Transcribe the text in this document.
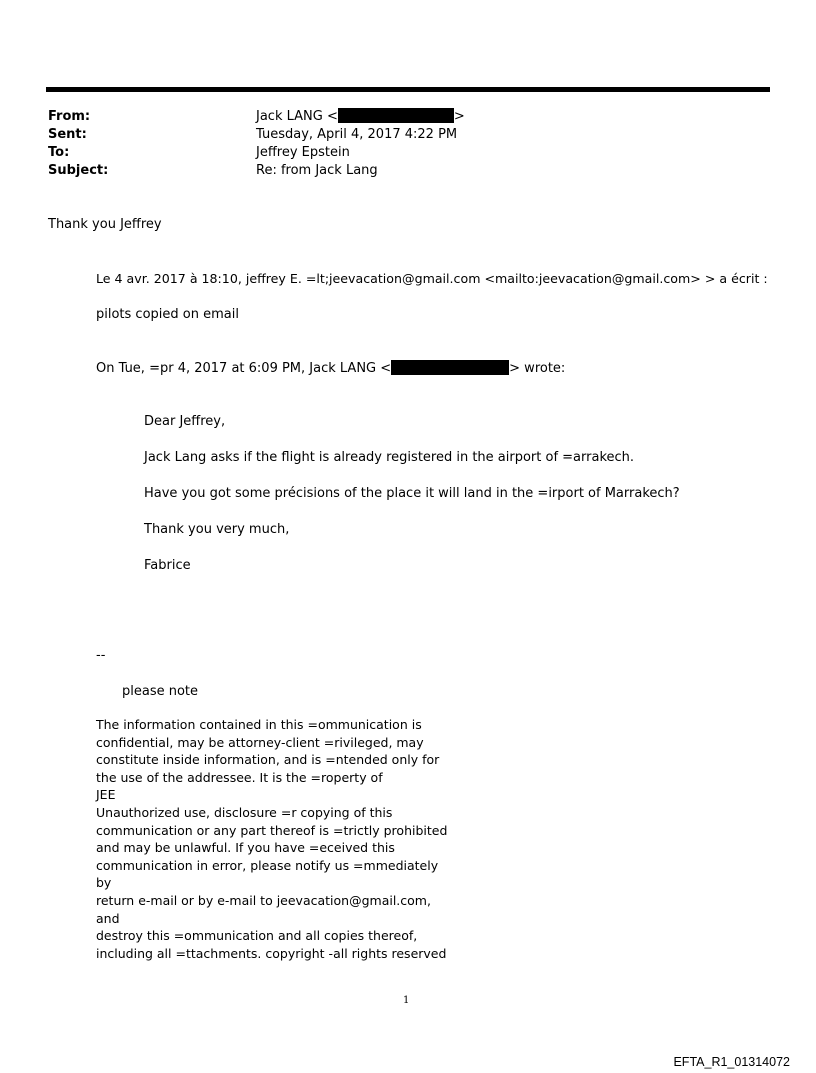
From:	Jack LANG <	>
Sent:	Tuesday, April 4, 2017 4:22 PM
To:	Jeffrey Epstein
Subject:	Re: from Jack Lang
Thank you Jeffrey
Le 4 avr. 2017 à 18:10, jeffrey E. =lt;jeevacation@gmail.com <mailto:jeevacation@gmail.com> > a écrit :
pilots copied on email
On Tue, =pr 4, 2017 at 6:09 PM, Jack LANG <	> wrote:
Dear Jeffrey,
Jack Lang asks if the flight is already registered in the airport of =arrakech.
Have you got some précisions of the place it will land in the =irport of Marrakech?
Thank you very much,
Fabrice
--
please note
The information contained in this =ommunication is
confidential, may be attorney-client =rivileged, may
constitute inside information, and is =ntended only for
the use of the addressee. It is the =roperty of
JEE
Unauthorized use, disclosure =r copying of this
communication or any part thereof is =trictly prohibited
and may be unlawful. If you have =eceived this
communication in error, please notify us =mmediately by
return e-mail or by e-mail to jeevacation@gmail.com, and
destroy this =ommunication and all copies thereof,
including all =ttachments. copyright -all rights reserved
1
EFTA_R1_01314072
